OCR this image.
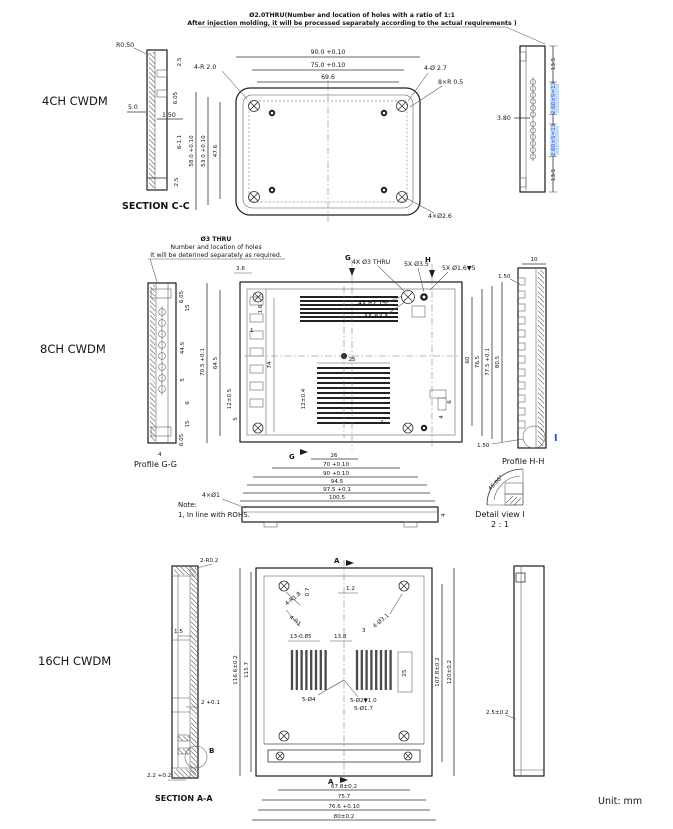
Ø2.0THRU(Number and location of holes with a ratio of 1:1
After injection molding, it will be processed separately according to the actual requirements )
4CH CWDM
SECTION C-C
R0.50
5.0
1.50
2.5
6.05
6-1.1
2.5
90.0 +0.10
75.0 +0.10
69.6
58.0 +0.10 53.0 +0.10 47.6
4-R 2.0	4-Ø 2.7
8×R 0.5
4×Ø2.6
3.80
13.5
2.60×5=13
2.60×5=13
13.5
8CH CWDM
Ø3 THRU
Number and location of holes
It will be deterined separately as required.
6.05
15
44.5
5
6
15
6.05
4
Profile G-G
G	H
G
4X Ø3 THRU 5X Ø3.5
5X Ø1.6▼5
4X R2.75
4X R3.5
3.6
1.6
1
70.5 +0.1 64.5
12±0.5
5
74
25
12±0.4
2
6
4
60 76.5 77.5 +0.1 80.5
26
70 +0.10
90 +0.10
94.5
97.5 +0.1
100.5
4×Ø1
4
Note:
1, In line with ROHS.
10
1.50
1.50
I
Profile H-H
45.00°
Detail view I
2 : 1
16CH CWDM
2-R0.2
1.5
2 +0.1
B
2.2 +0.2
SECTION A-A
A
A
0.7	1.2
4-R1.8
4-R1	4-Ø3.1
13-0.85	13.8
3
25
5-Ø4	5-Ø2▼1.0
5-Ø1.7
116.6±0.2 115.7	107.8±0.2 120±0.2
67.8±0.2
75.7
76.6 +0.10
80±0.2
2.5±0.2
Unit: mm
